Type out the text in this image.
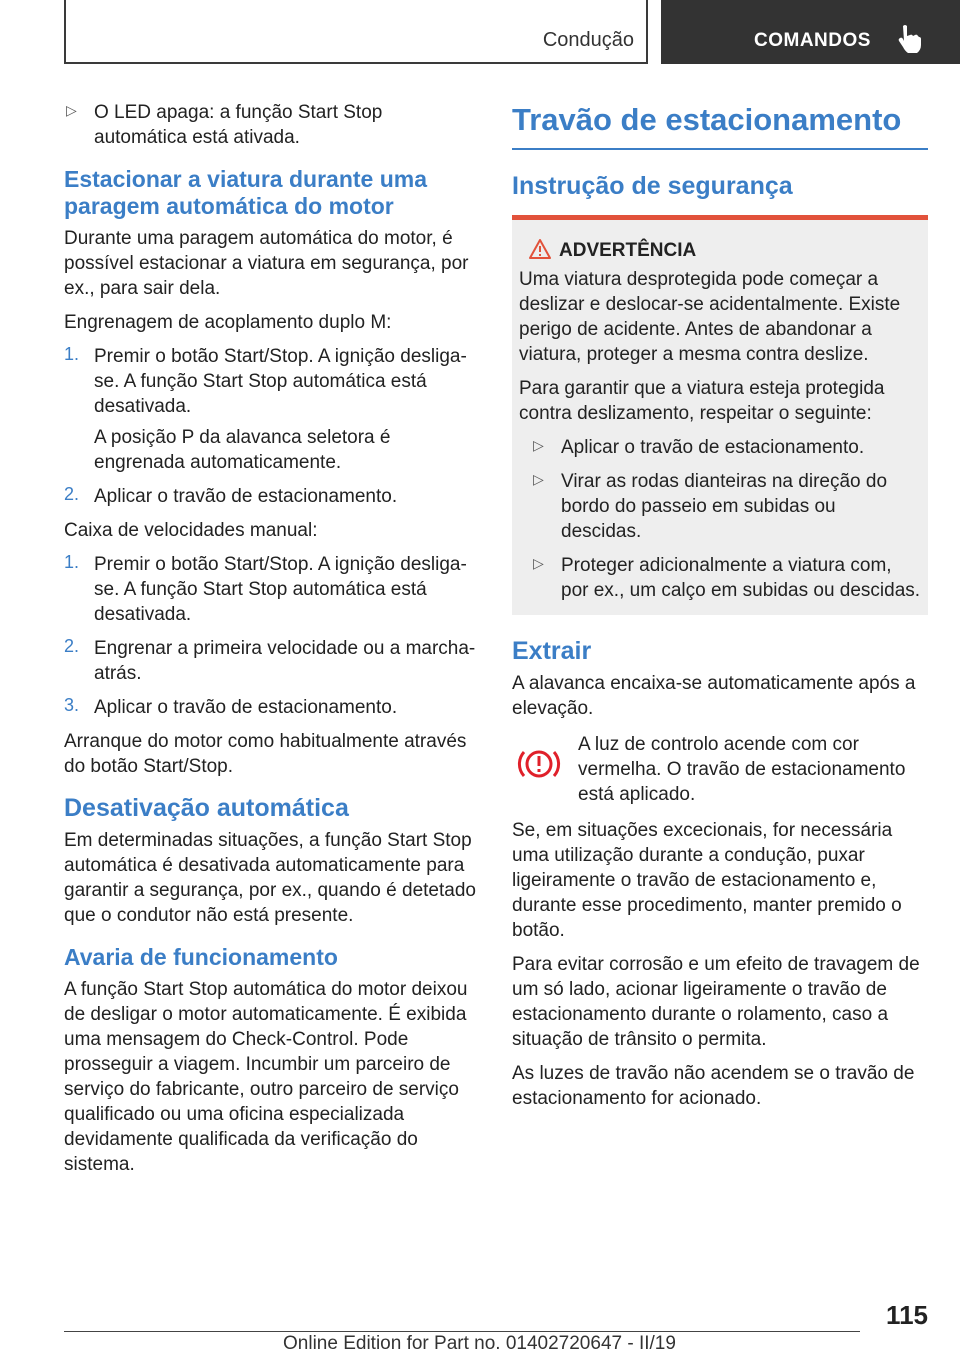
Condução	COMANDOS
▷ O LED apaga: a função Start Stop automática está ativada.

Estacionar a viatura durante uma paragem automática do motor

Durante uma paragem automática do motor, é possível estacionar a viatura em segurança, por ex., para sair dela.

Engrenagem de acoplamento duplo M:

1. Premir o botão Start/Stop. A ignição desliga-se. A função Start Stop automática está desativada.

A posição P da alavanca seletora é engrenada automaticamente.

2. Aplicar o travão de estacionamento.

Caixa de velocidades manual:

1. Premir o botão Start/Stop. A ignição desliga-se. A função Start Stop automática está desativada.

2. Engrenar a primeira velocidade ou a marcha-atrás.

3. Aplicar o travão de estacionamento.

Arranque do motor como habitualmente através do botão Start/Stop.

Desativação automática

Em determinadas situações, a função Start Stop automática é desativada automaticamente para garantir a segurança, por ex., quando é detetado que o condutor não está presente.

Avaria de funcionamento

A função Start Stop automática do motor deixou de desligar o motor automaticamente. É exibida uma mensagem do Check-Control. Pode prosseguir a viagem. Incumbir um parceiro de serviço do fabricante, outro parceiro de serviço qualificado ou uma oficina especializada devidamente qualificada da verificação do sistema.

Travão de estacionamento
Instrução de segurança
ADVERTÊNCIA

Uma viatura desprotegida pode começar a deslizar e deslocar-se acidentalmente. Existe perigo de acidente. Antes de abandonar a viatura, proteger a mesma contra deslize.

Para garantir que a viatura esteja protegida contra deslizamento, respeitar o seguinte:

▷ Aplicar o travão de estacionamento.

▷ Virar as rodas dianteiras na direção do bordo do passeio em subidas ou descidas.

▷ Proteger adicionalmente a viatura com, por ex., um calço em subidas ou descidas.

Extrair

A alavanca encaixa-se automaticamente após a elevação.

A luz de controlo acende com cor vermelha. O travão de estacionamento está aplicado.

Se, em situações excecionais, for necessária uma utilização durante a condução, puxar ligeiramente o travão de estacionamento e, durante esse procedimento, manter premido o botão.

Para evitar corrosão e um efeito de travagem de um só lado, acionar ligeiramente o travão de estacionamento durante o rolamento, caso a situação de trânsito o permita.

As luzes de travão não acendem se o travão de estacionamento for acionado.

115
Online Edition for Part no. 01402720647 - II/19
